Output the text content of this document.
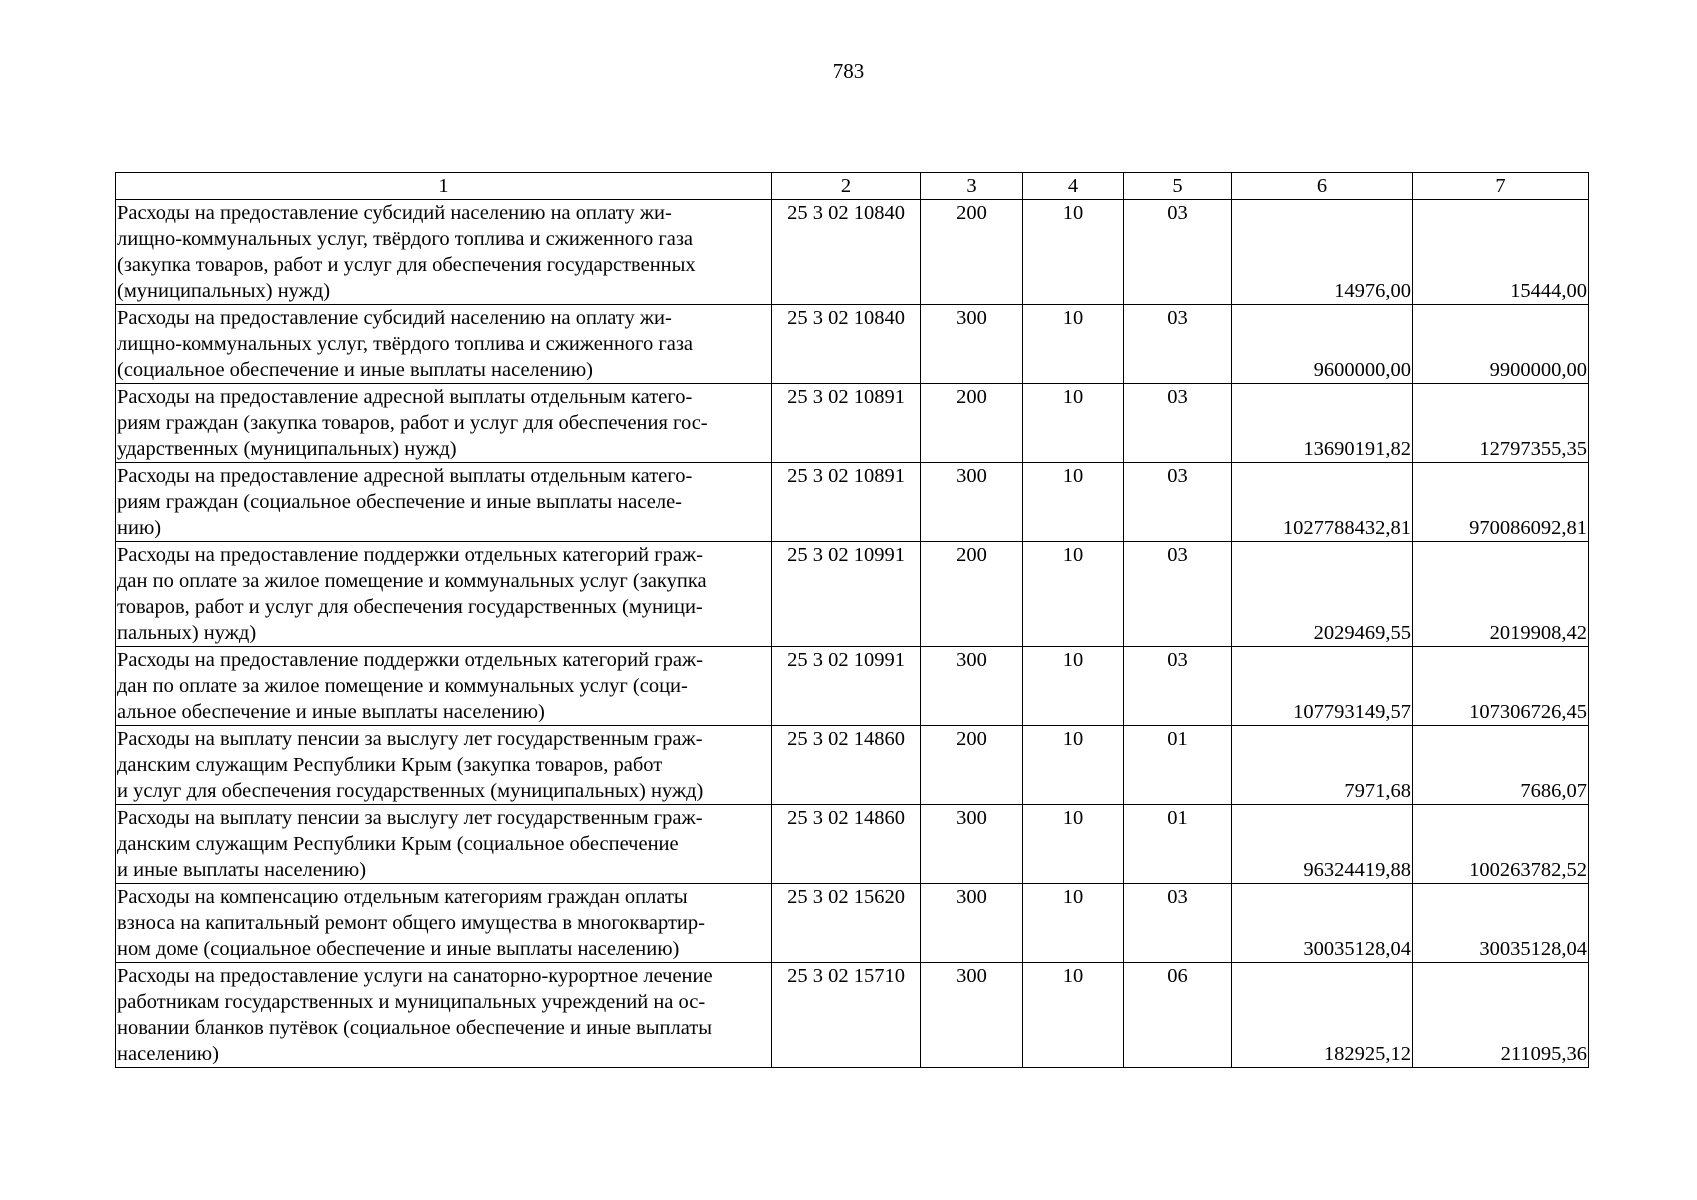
783
1	2	3	4	5	6	7

Расходы на предоставление субсидий населению на оплату жи-
лищно-коммунальных услуг, твёрдого топлива и сжиженного газа
(закупка товаров, работ и услуг для обеспечения государственных
(муниципальных) нужд)	25 3 02 10840	200	10	03	14976,00	15444,00

Расходы на предоставление субсидий населению на оплату жи-
лищно-коммунальных услуг, твёрдого топлива и сжиженного газа
(социальное обеспечение и иные выплаты населению)	25 3 02 10840	300	10	03	9600000,00	9900000,00

Расходы на предоставление адресной выплаты отдельным катего-
риям граждан (закупка товаров, работ и услуг для обеспечения гос-
ударственных (муниципальных) нужд)	25 3 02 10891	200	10	03	13690191,82	12797355,35

Расходы на предоставление адресной выплаты отдельным катего-
риям граждан (социальное обеспечение и иные выплаты населе-
нию)	25 3 02 10891	300	10	03	1027788432,81	970086092,81

Расходы на предоставление поддержки отдельных категорий граж-
дан по оплате за жилое помещение и коммунальных услуг (закупка
товаров, работ и услуг для обеспечения государственных (муници-
пальных) нужд)	25 3 02 10991	200	10	03	2029469,55	2019908,42

Расходы на предоставление поддержки отдельных категорий граж-
дан по оплате за жилое помещение и коммунальных услуг (соци-
альное обеспечение и иные выплаты населению)	25 3 02 10991	300	10	03	107793149,57	107306726,45

Расходы на выплату пенсии за выслугу лет государственным граж-
данским служащим Республики Крым (закупка товаров, работ
и услуг для обеспечения государственных (муниципальных) нужд)	25 3 02 14860	200	10	01	7971,68	7686,07

Расходы на выплату пенсии за выслугу лет государственным граж-
данским служащим Республики Крым (социальное обеспечение
и иные выплаты населению)	25 3 02 14860	300	10	01	96324419,88	100263782,52

Расходы на компенсацию отдельным категориям граждан оплаты
взноса на капитальный ремонт общего имущества в многоквартир-
ном доме (социальное обеспечение и иные выплаты населению)	25 3 02 15620	300	10	03	30035128,04	30035128,04

Расходы на предоставление услуги на санаторно-курортное лечение
работникам государственных и муниципальных учреждений на ос-
новании бланков путёвок (социальное обеспечение и иные выплаты
населению)	25 3 02 15710	300	10	06	182925,12	211095,36
